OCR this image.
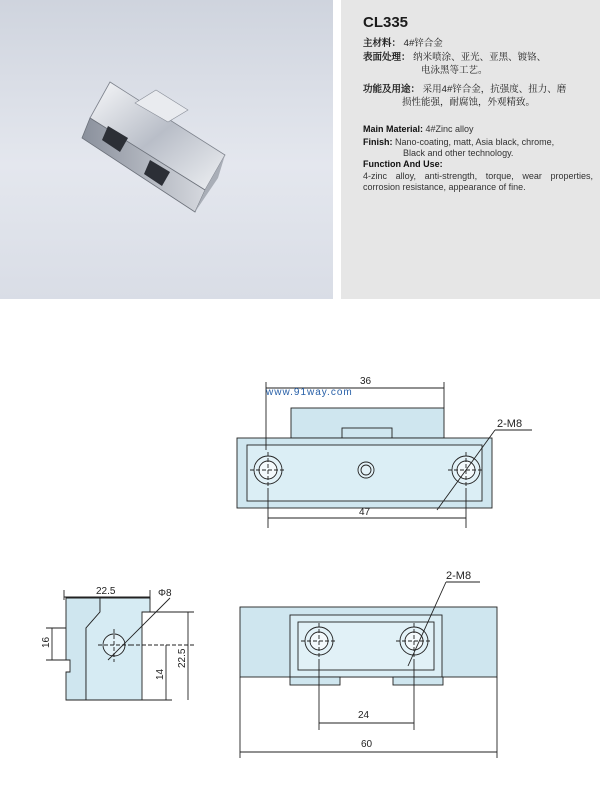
CL335
主材料： 4#锌合金
表面处理： 纳米喷涂、亚光、亚黑、镀铬、
电泳黑等工艺。
功能及用途： 采用4#锌合金，抗强度、扭力、磨
损性能强，耐腐蚀，外观精致。
Main Material: 4#Zinc alloy
Finish: Nano-coating, matt, Asia black, chrome,
Black and other technology.
Function And Use:
4-zinc alloy, anti-strength, torque, wear properties, corrosion resistance, appearance of fine.
www.91way.com
36
47
2-M8
22.5	Φ8
16
14
22.5
2-M8
24
60
